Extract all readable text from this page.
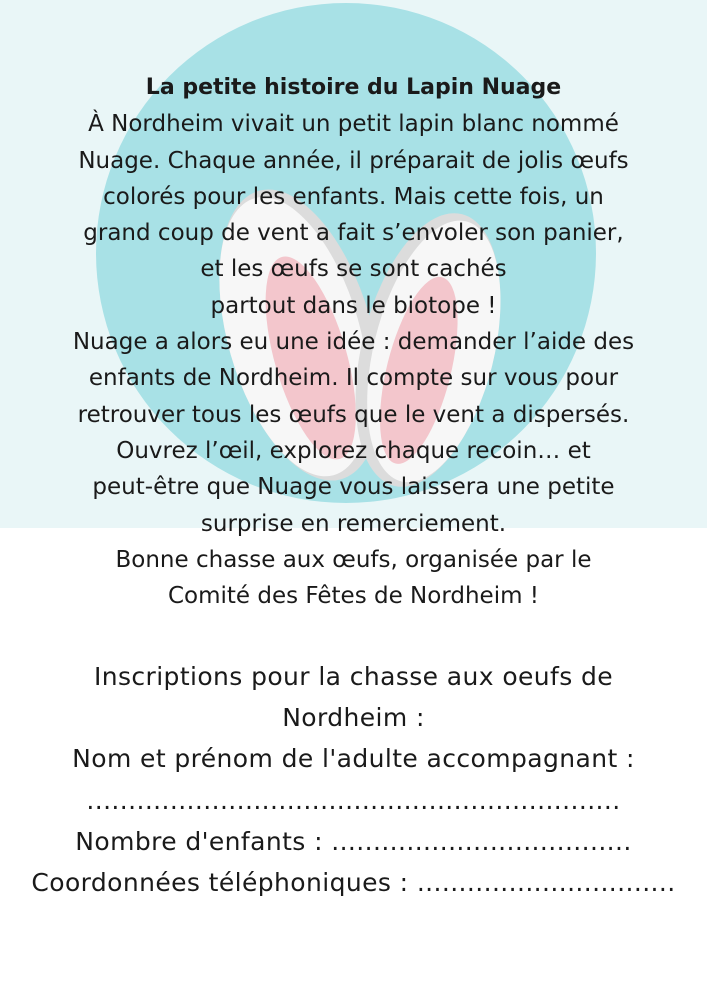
La petite histoire du Lapin Nuage
À Nordheim vivait un petit lapin blanc nommé
Nuage. Chaque année, il préparait de jolis œufs
colorés pour les enfants. Mais cette fois, un
grand coup de vent a fait s’envoler son panier,
et les œufs se sont cachés
partout dans le biotope !
Nuage a alors eu une idée : demander l’aide des
enfants de Nordheim. Il compte sur vous pour
retrouver tous les œufs que le vent a dispersés.
Ouvrez l’œil, explorez chaque recoin… et
peut-être que Nuage vous laissera une petite
surprise en remerciement.
Bonne chasse aux œufs, organisée par le
Comité des Fêtes de Nordheim !
Inscriptions pour la chasse aux oeufs de
Nordheim :
Nom et prénom de l'adulte accompagnant :
................................................................
Nombre d'enfants : ....................................
Coordonnées téléphoniques : ...............................
